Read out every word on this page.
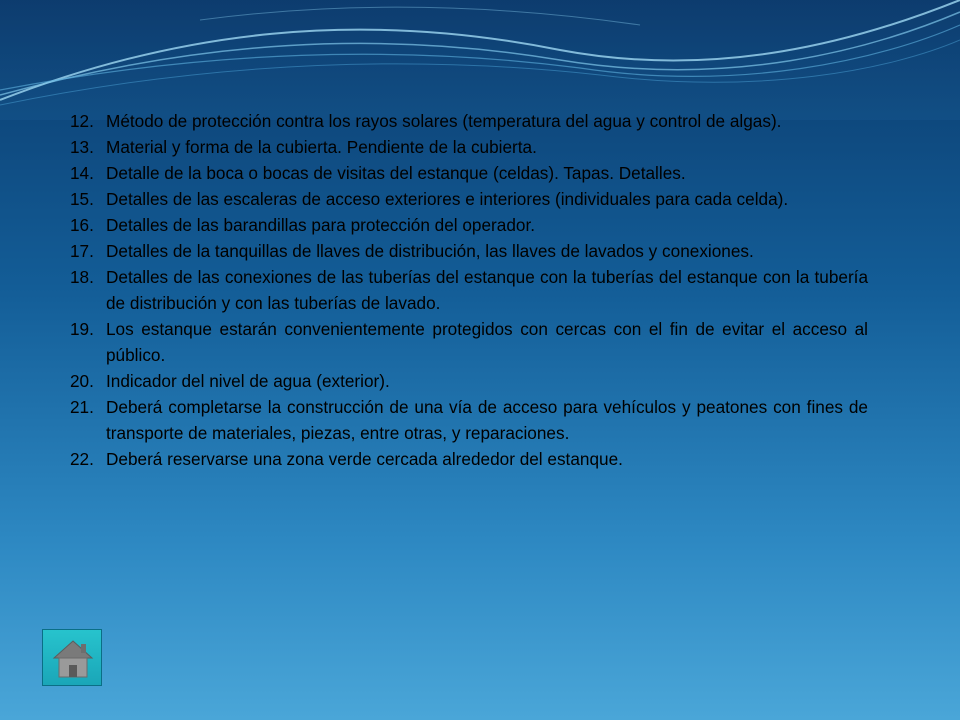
12. Método de protección contra los rayos solares (temperatura del agua y control de algas).
13. Material y forma de la cubierta. Pendiente de la cubierta.
14. Detalle de la boca o bocas de visitas del estanque (celdas). Tapas. Detalles.
15. Detalles de las escaleras de acceso exteriores e interiores (individuales para cada celda).
16. Detalles de las barandillas para protección del operador.
17. Detalles de la tanquillas de llaves de distribución, las llaves de lavados y conexiones.
18. Detalles de las conexiones de las tuberías del estanque con la tuberías del estanque con la tubería de distribución y con las tuberías de lavado.
19. Los estanque estarán convenientemente protegidos con cercas con el fin de evitar el acceso al público.
20. Indicador del nivel de agua (exterior).
21. Deberá completarse la construcción de una vía de acceso para vehículos y peatones con fines de transporte de materiales, piezas, entre otras, y reparaciones.
22. Deberá reservarse una zona verde cercada alrededor del estanque.
